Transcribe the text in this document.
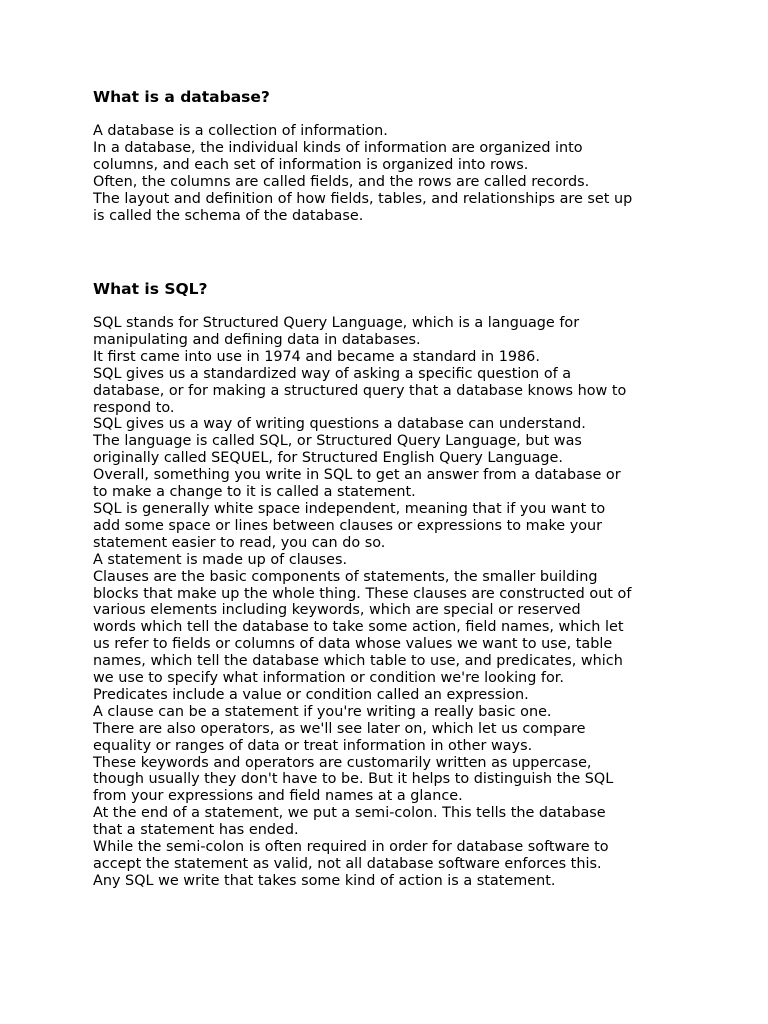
What is a database?
A database is a collection of information.
In a database, the individual kinds of information are organized into
columns, and each set of information is organized into rows.
Often, the columns are called fields, and the rows are called records.
The layout and definition of how fields, tables, and relationships are set up
is called the schema of the database.
What is SQL?
SQL stands for Structured Query Language, which is a language for
manipulating and defining data in databases.
It first came into use in 1974 and became a standard in 1986.
SQL gives us a standardized way of asking a specific question of a
database, or for making a structured query that a database knows how to
respond to.
SQL gives us a way of writing questions a database can understand.
The language is called SQL, or Structured Query Language, but was
originally called SEQUEL, for Structured English Query Language.
Overall, something you write in SQL to get an answer from a database or
to make a change to it is called a statement.
SQL is generally white space independent, meaning that if you want to
add some space or lines between clauses or expressions to make your
statement easier to read, you can do so.
A statement is made up of clauses.
Clauses are the basic components of statements, the smaller building
blocks that make up the whole thing. These clauses are constructed out of
various elements including keywords, which are special or reserved
words which tell the database to take some action, field names, which let
us refer to fields or columns of data whose values we want to use, table
names, which tell the database which table to use, and predicates, which
we use to specify what information or condition we're looking for.
Predicates include a value or condition called an expression.
A clause can be a statement if you're writing a really basic one.
There are also operators, as we'll see later on, which let us compare
equality or ranges of data or treat information in other ways.
These keywords and operators are customarily written as uppercase,
though usually they don't have to be. But it helps to distinguish the SQL
from your expressions and field names at a glance.
At the end of a statement, we put a semi-colon. This tells the database
that a statement has ended.
While the semi-colon is often required in order for database software to
accept the statement as valid, not all database software enforces this.
Any SQL we write that takes some kind of action is a statement.
